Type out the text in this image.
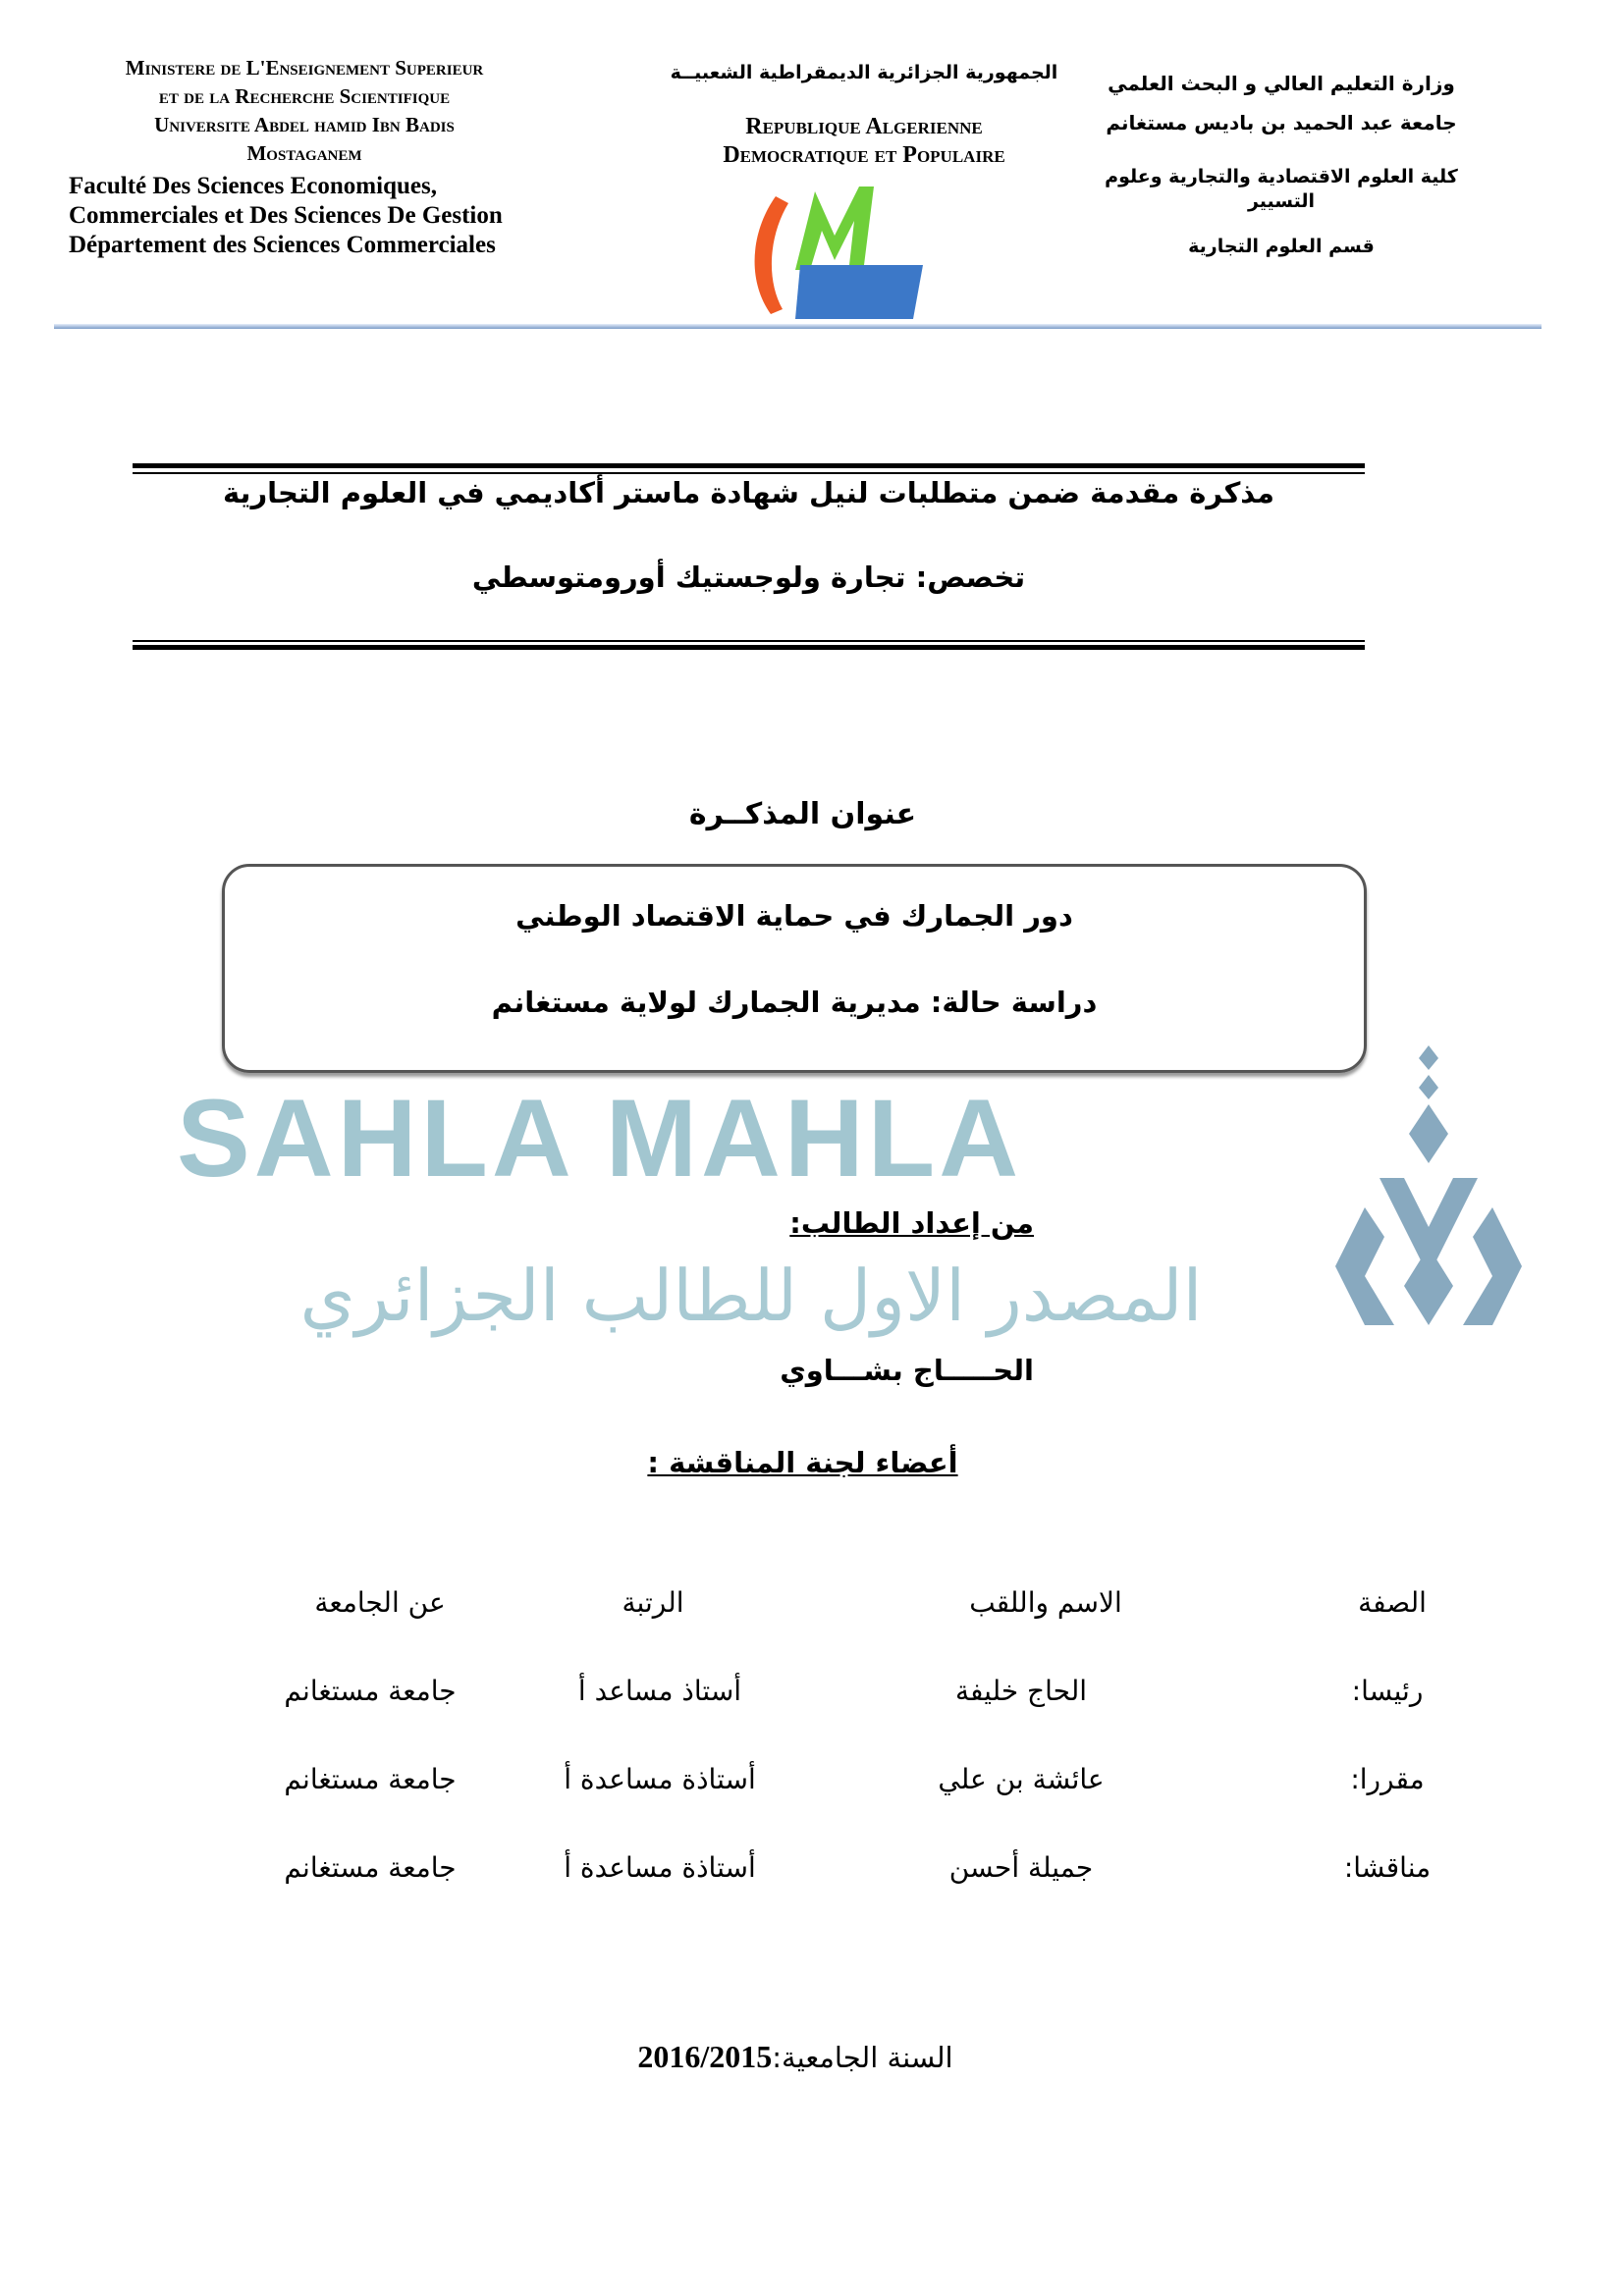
Ministere de L'Enseignement Superieur
et de la Recherche Scientifique
Universite Abdel hamid Ibn Badis
Mostaganem
Faculté Des Sciences Economiques,
Commerciales et Des Sciences De Gestion
Département des Sciences Commerciales
الجمهورية الجزائرية الديمقراطية الشعبيــة
Republique Algerienne
Democratique et Populaire
وزارة التعليم العالي و البحث العلمي
جامعة عبد الحميد بن باديس مستغانم
كلية العلوم الاقتصادية والتجارية وعلوم التسيير
قسم العلوم التجارية
مذكرة مقدمة ضمن متطلبات لنيل شهادة ماستر أكاديمي في العلوم التجارية
تخصص: تجارة ولوجستيك أورومتوسطي
عنوان المذكــرة
دور الجمارك في حماية الاقتصاد الوطني
دراسة حالة: مديرية الجمارك لولاية مستغانم
SAHLA MAHLA
من إعداد الطالب:
المصدر الاول للطالب الجزائري
الحـــــاج بشـــاوي
أعضاء لجنة المناقشة :
الصفة
الاسم واللقب
الرتبة
عن الجامعة
رئيسا:
الحاج خليفة
أستاذ مساعد أ
جامعة مستغانم
مقررا:
عائشة بن علي
أستاذة مساعدة أ
جامعة مستغانم
مناقشا:
جميلة أحسن
أستاذة مساعدة أ
جامعة مستغانم
السنة الجامعية:2016/2015
